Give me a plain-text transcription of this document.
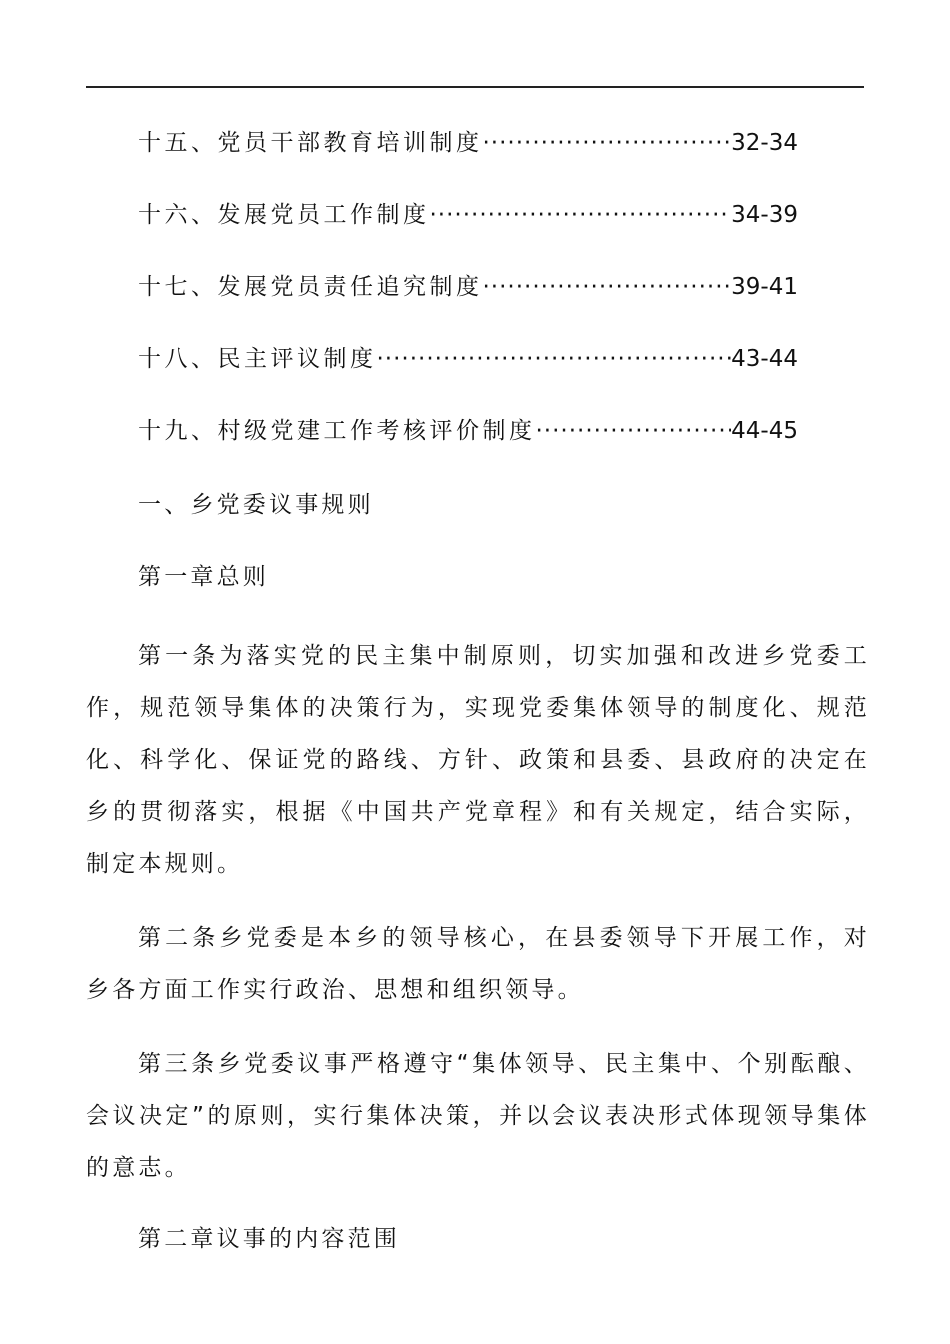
十五、党员干部教育培训制度 ·····	32-34
十六、发展党员工作制度 ·····	34-39
十七、发展党员责任追究制度 ·····	39-41
十八、民主评议制度 ·····	43-44
十九、村级党建工作考核评价制度 ·····	44-45

一、乡党委议事规则

第一章总则

第一条为落实党的民主集中制原则，切实加强和改进乡党委工作，规范领导集体的决策行为，实现党委集体领导的制度化、规范化、科学化、保证党的路线、方针、政策和县委、县政府的决定在乡的贯彻落实，根据《中国共产党章程》和有关规定，结合实际，制定本规则。

第二条乡党委是本乡的领导核心，在县委领导下开展工作，对乡各方面工作实行政治、思想和组织领导。

第三条乡党委议事严格遵守“集体领导、民主集中、个别酝酿、会议决定”的原则，实行集体决策，并以会议表决形式体现领导集体的意志。

第二章议事的内容范围
